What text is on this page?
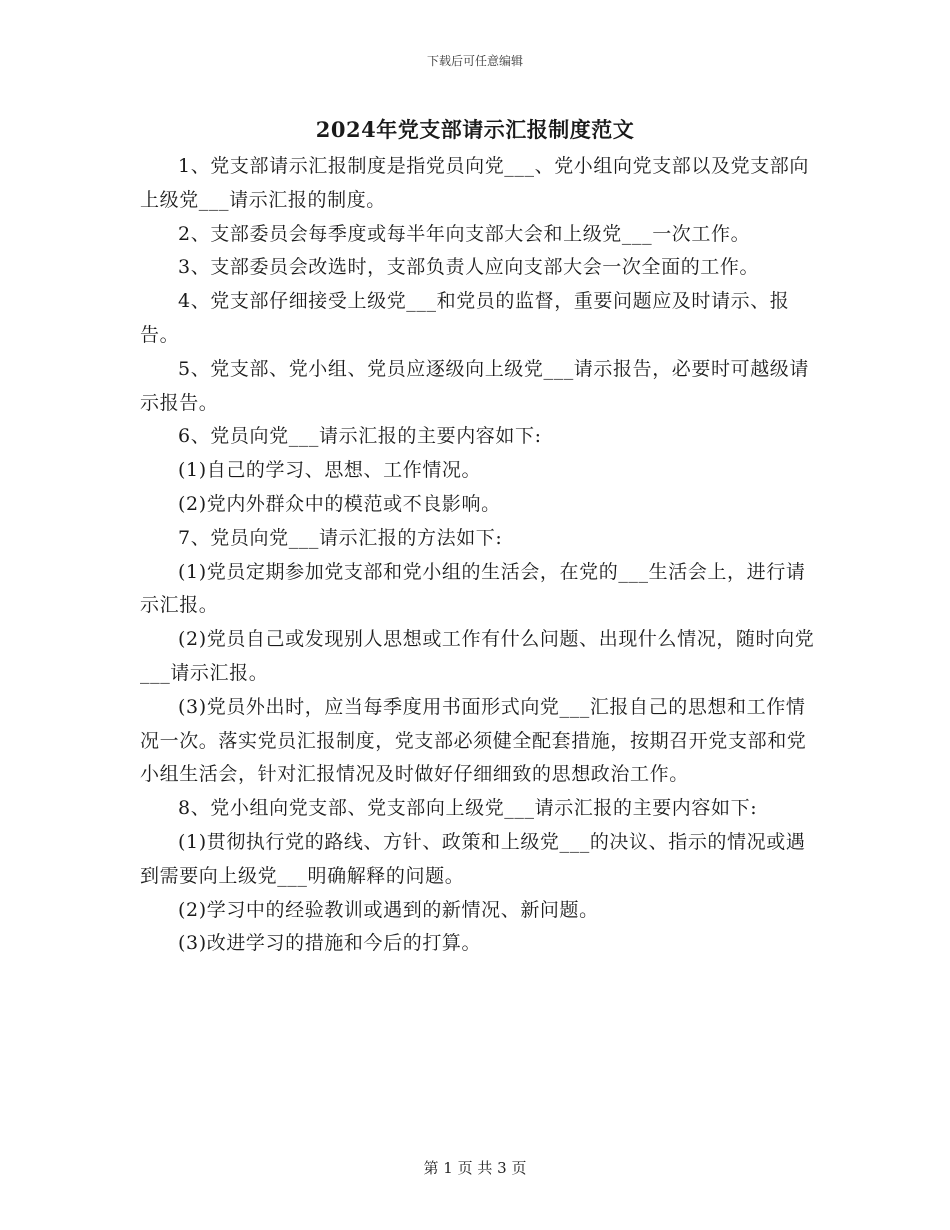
下载后可任意编辑
2024年党支部请示汇报制度范文

1、党支部请示汇报制度是指党员向党___、党小组向党支部以及党支部向上级党___请示汇报的制度。

2、支部委员会每季度或每半年向支部大会和上级党___一次工作。

3、支部委员会改选时，支部负责人应向支部大会一次全面的工作。

4、党支部仔细接受上级党___和党员的监督，重要问题应及时请示、报告。

5、党支部、党小组、党员应逐级向上级党___请示报告，必要时可越级请示报告。

6、党员向党___请示汇报的主要内容如下:

(1)自己的学习、思想、工作情况。

(2)党内外群众中的模范或不良影响。

7、党员向党___请示汇报的方法如下:

(1)党员定期参加党支部和党小组的生活会，在党的___生活会上，进行请示汇报。

(2)党员自己或发现别人思想或工作有什么问题、出现什么情况，随时向党___请示汇报。

(3)党员外出时，应当每季度用书面形式向党___汇报自己的思想和工作情况一次。落实党员汇报制度，党支部必须健全配套措施，按期召开党支部和党小组生活会，针对汇报情况及时做好仔细细致的思想政治工作。

8、党小组向党支部、党支部向上级党___请示汇报的主要内容如下:

(1)贯彻执行党的路线、方针、政策和上级党___的决议、指示的情况或遇到需要向上级党___明确解释的问题。

(2)学习中的经验教训或遇到的新情况、新问题。

(3)改进学习的措施和今后的打算。

第 1 页 共 3 页
